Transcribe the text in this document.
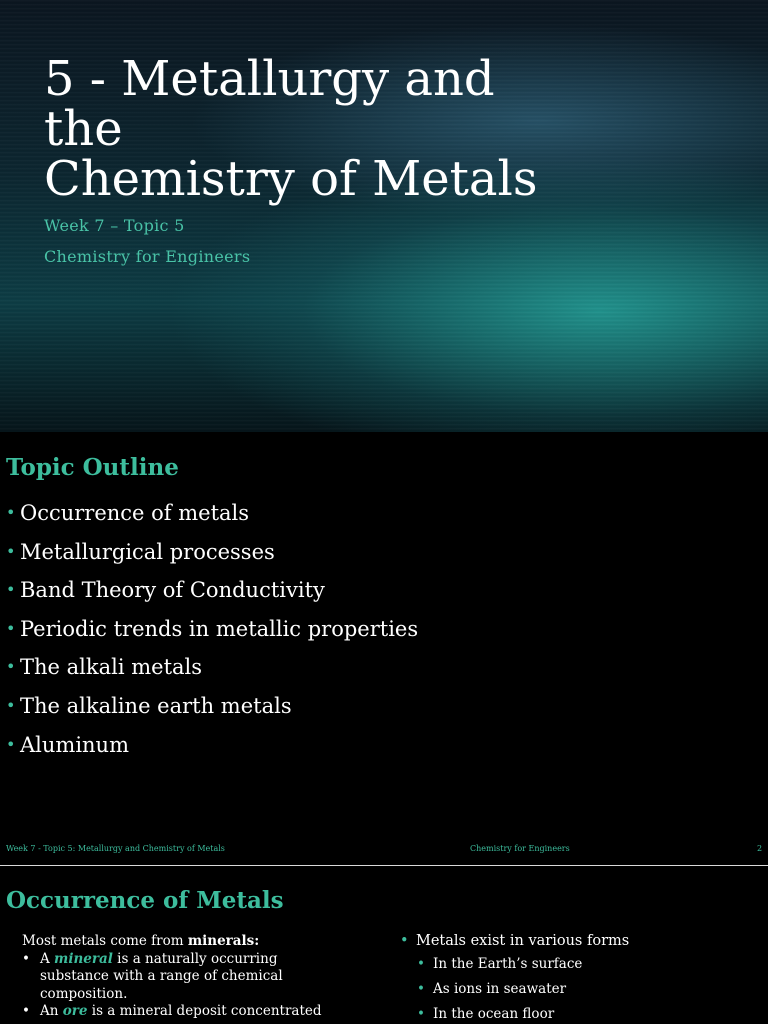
5 - Metallurgy and
the
Chemistry of Metals
Week 7 – Topic 5
Chemistry for Engineers
Topic Outline
• Occurrence of metals
• Metallurgical processes
• Band Theory of Conductivity
• Periodic trends in metallic properties
• The alkali metals
• The alkaline earth metals
• Aluminum
Week 7 - Topic 5: Metallurgy and Chemistry of Metals	Chemistry for Engineers	2
Occurrence of Metals
Most metals come from minerals:
• A mineral is a naturally occurring substance with a range of chemical composition.
• An ore is a mineral deposit concentrated
• Metals exist in various forms
• In the Earth’s surface
• As ions in seawater
• In the ocean floor
